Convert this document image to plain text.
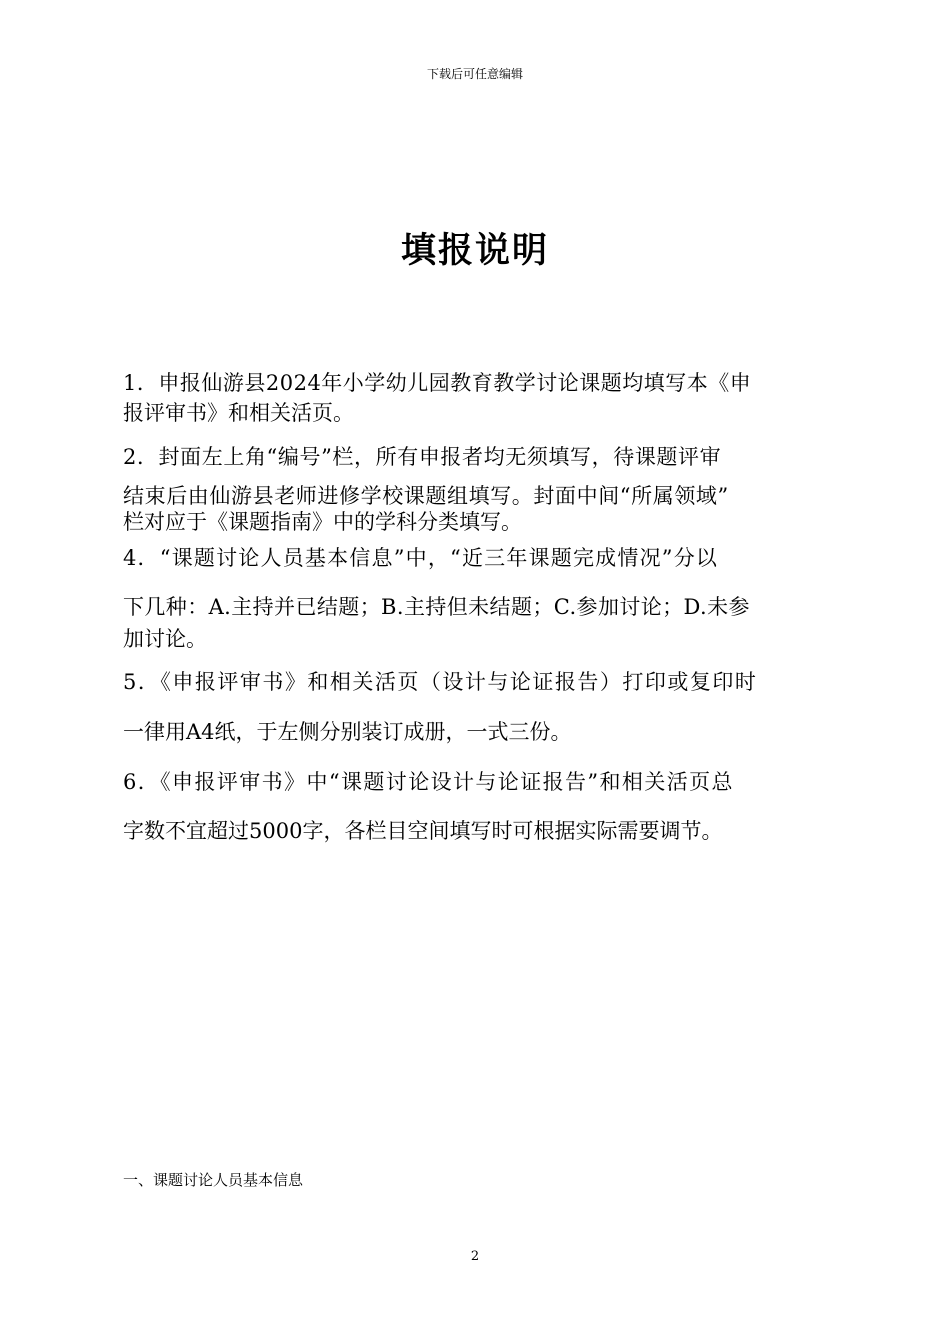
下载后可任意编辑
填报说明
1．申报仙游县2024年小学幼儿园教育教学讨论课题均填写本《申
报评审书》和相关活页。
2．封面左上角“编号”栏，所有申报者均无须填写，待课题评审
结束后由仙游县老师进修学校课题组填写。封面中间“所属领域”
栏对应于《课题指南》中的学科分类填写。
4．“课题讨论人员基本信息”中，“近三年课题完成情况”分以
下几种：A.主持并已结题；B.主持但未结题；C.参加讨论；D.未参
加讨论。
5．《申报评审书》和相关活页（设计与论证报告）打印或复印时
一律用A4纸，于左侧分别装订成册，一式三份。
6．《申报评审书》中“课题讨论设计与论证报告”和相关活页总
字数不宜超过5000字，各栏目空间填写时可根据实际需要调节。
一、课题讨论人员基本信息
2
